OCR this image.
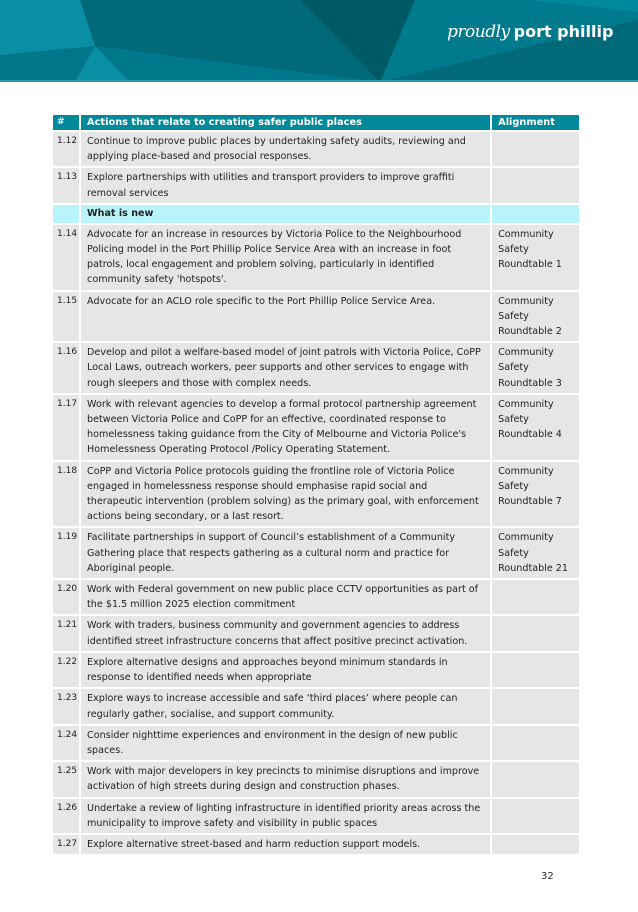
proudly port phillip
#	Actions that relate to creating safer public places	Alignment
1.12	Continue to improve public places by undertaking safety audits, reviewing and applying place-based and prosocial responses.	
1.13	Explore partnerships with utilities and transport providers to improve graffiti removal services	
	What is new	
1.14	Advocate for an increase in resources by Victoria Police to the Neighbourhood Policing model in the Port Phillip Police Service Area with an increase in foot patrols, local engagement and problem solving, particularly in identified community safety 'hotspots'.	Community Safety Roundtable 1
1.15	Advocate for an ACLO role specific to the Port Phillip Police Service Area.	Community Safety Roundtable 2
1.16	Develop and pilot a welfare-based model of joint patrols with Victoria Police, CoPP Local Laws, outreach workers, peer supports and other services to engage with rough sleepers and those with complex needs.	Community Safety Roundtable 3
1.17	Work with relevant agencies to develop a formal protocol partnership agreement between Victoria Police and CoPP for an effective, coordinated response to homelessness taking guidance from the City of Melbourne and Victoria Police's Homelessness Operating Protocol /Policy Operating Statement.	Community Safety Roundtable 4
1.18	CoPP and Victoria Police protocols guiding the frontline role of Victoria Police engaged in homelessness response should emphasise rapid social and therapeutic intervention (problem solving) as the primary goal, with enforcement actions being secondary, or a last resort.	Community Safety Roundtable 7
1.19	Facilitate partnerships in support of Council’s establishment of a Community Gathering place that respects gathering as a cultural norm and practice for Aboriginal people.	Community Safety Roundtable 21
1.20	Work with Federal government on new public place CCTV opportunities as part of the $1.5 million 2025 election commitment	
1.21	Work with traders, business community and government agencies to address identified street infrastructure concerns that affect positive precinct activation.	
1.22	Explore alternative designs and approaches beyond minimum standards in response to identified needs when appropriate	
1.23	Explore ways to increase accessible and safe ‘third places’ where people can regularly gather, socialise, and support community.	
1.24	Consider nighttime experiences and environment in the design of new public spaces.	
1.25	Work with major developers in key precincts to minimise disruptions and improve activation of high streets during design and construction phases.	
1.26	Undertake a review of lighting infrastructure in identified priority areas across the municipality to improve safety and visibility in public spaces	
1.27	Explore alternative street-based and harm reduction support models.	
32
